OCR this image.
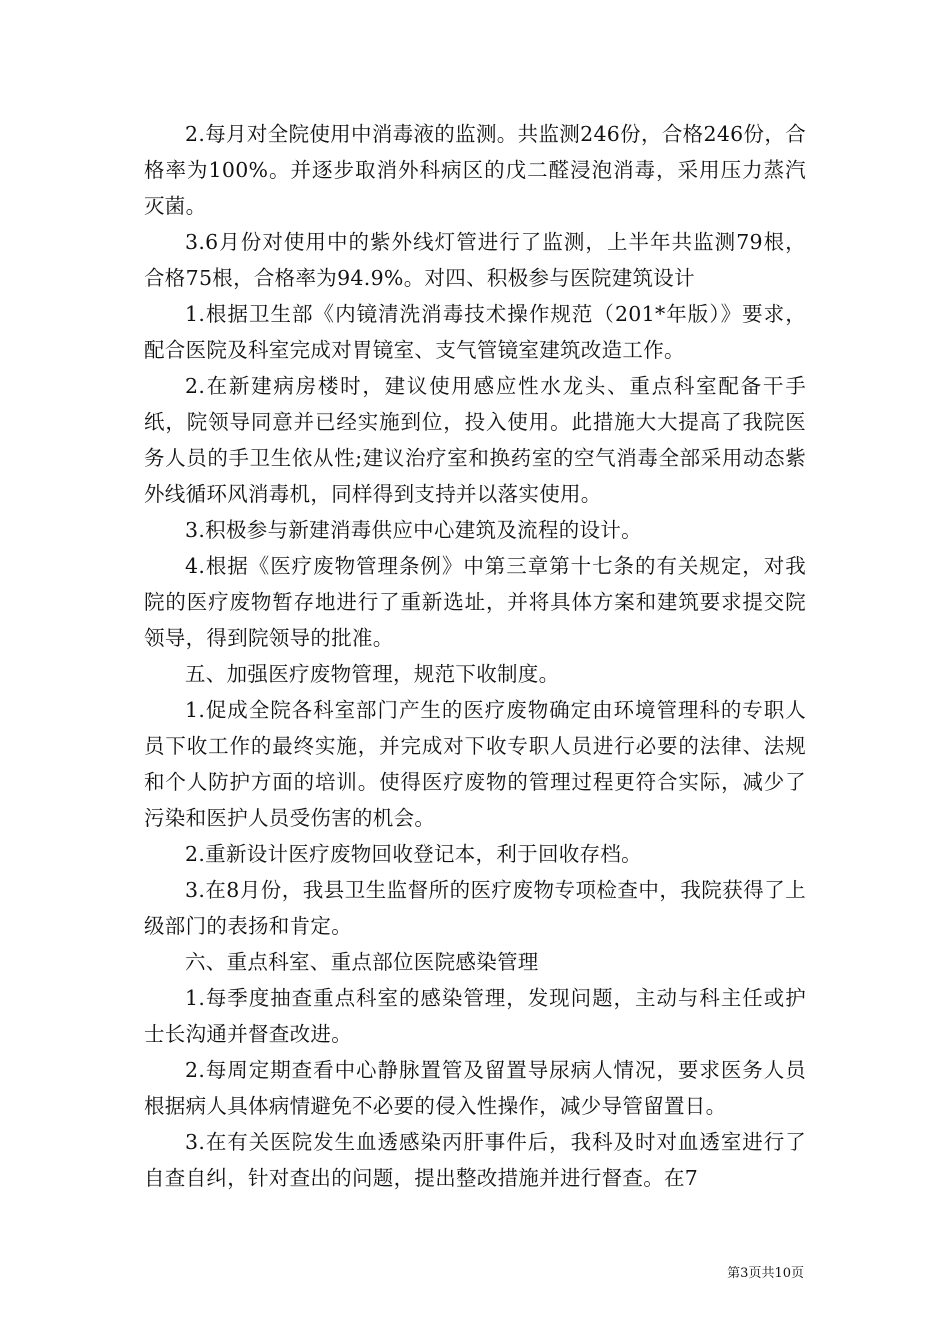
2.每月对全院使用中消毒液的监测。共监测246份，合格246份，合格率为100%。并逐步取消外科病区的戊二醛浸泡消毒，采用压力蒸汽灭菌。

3.6月份对使用中的紫外线灯管进行了监测，上半年共监测79根，合格75根，合格率为94.9%。对四、积极参与医院建筑设计

1.根据卫生部《内镜清洗消毒技术操作规范（201*年版）》要求，配合医院及科室完成对胃镜室、支气管镜室建筑改造工作。

2.在新建病房楼时，建议使用感应性水龙头、重点科室配备干手纸，院领导同意并已经实施到位，投入使用。此措施大大提高了我院医务人员的手卫生依从性;建议治疗室和换药室的空气消毒全部采用动态紫外线循环风消毒机，同样得到支持并以落实使用。

3.积极参与新建消毒供应中心建筑及流程的设计。

4.根据《医疗废物管理条例》中第三章第十七条的有关规定，对我院的医疗废物暂存地进行了重新选址，并将具体方案和建筑要求提交院领导，得到院领导的批准。

五、加强医疗废物管理，规范下收制度。

1.促成全院各科室部门产生的医疗废物确定由环境管理科的专职人员下收工作的最终实施，并完成对下收专职人员进行必要的法律、法规和个人防护方面的培训。使得医疗废物的管理过程更符合实际，减少了污染和医护人员受伤害的机会。

2.重新设计医疗废物回收登记本，利于回收存档。

3.在8月份，我县卫生监督所的医疗废物专项检查中，我院获得了上级部门的表扬和肯定。

六、重点科室、重点部位医院感染管理

1.每季度抽查重点科室的感染管理，发现问题，主动与科主任或护士长沟通并督查改进。

2.每周定期查看中心静脉置管及留置导尿病人情况，要求医务人员根据病人具体病情避免不必要的侵入性操作，减少导管留置日。

3.在有关医院发生血透感染丙肝事件后，我科及时对血透室进行了自查自纠，针对查出的问题，提出整改措施并进行督查。在7

第3页共10页
